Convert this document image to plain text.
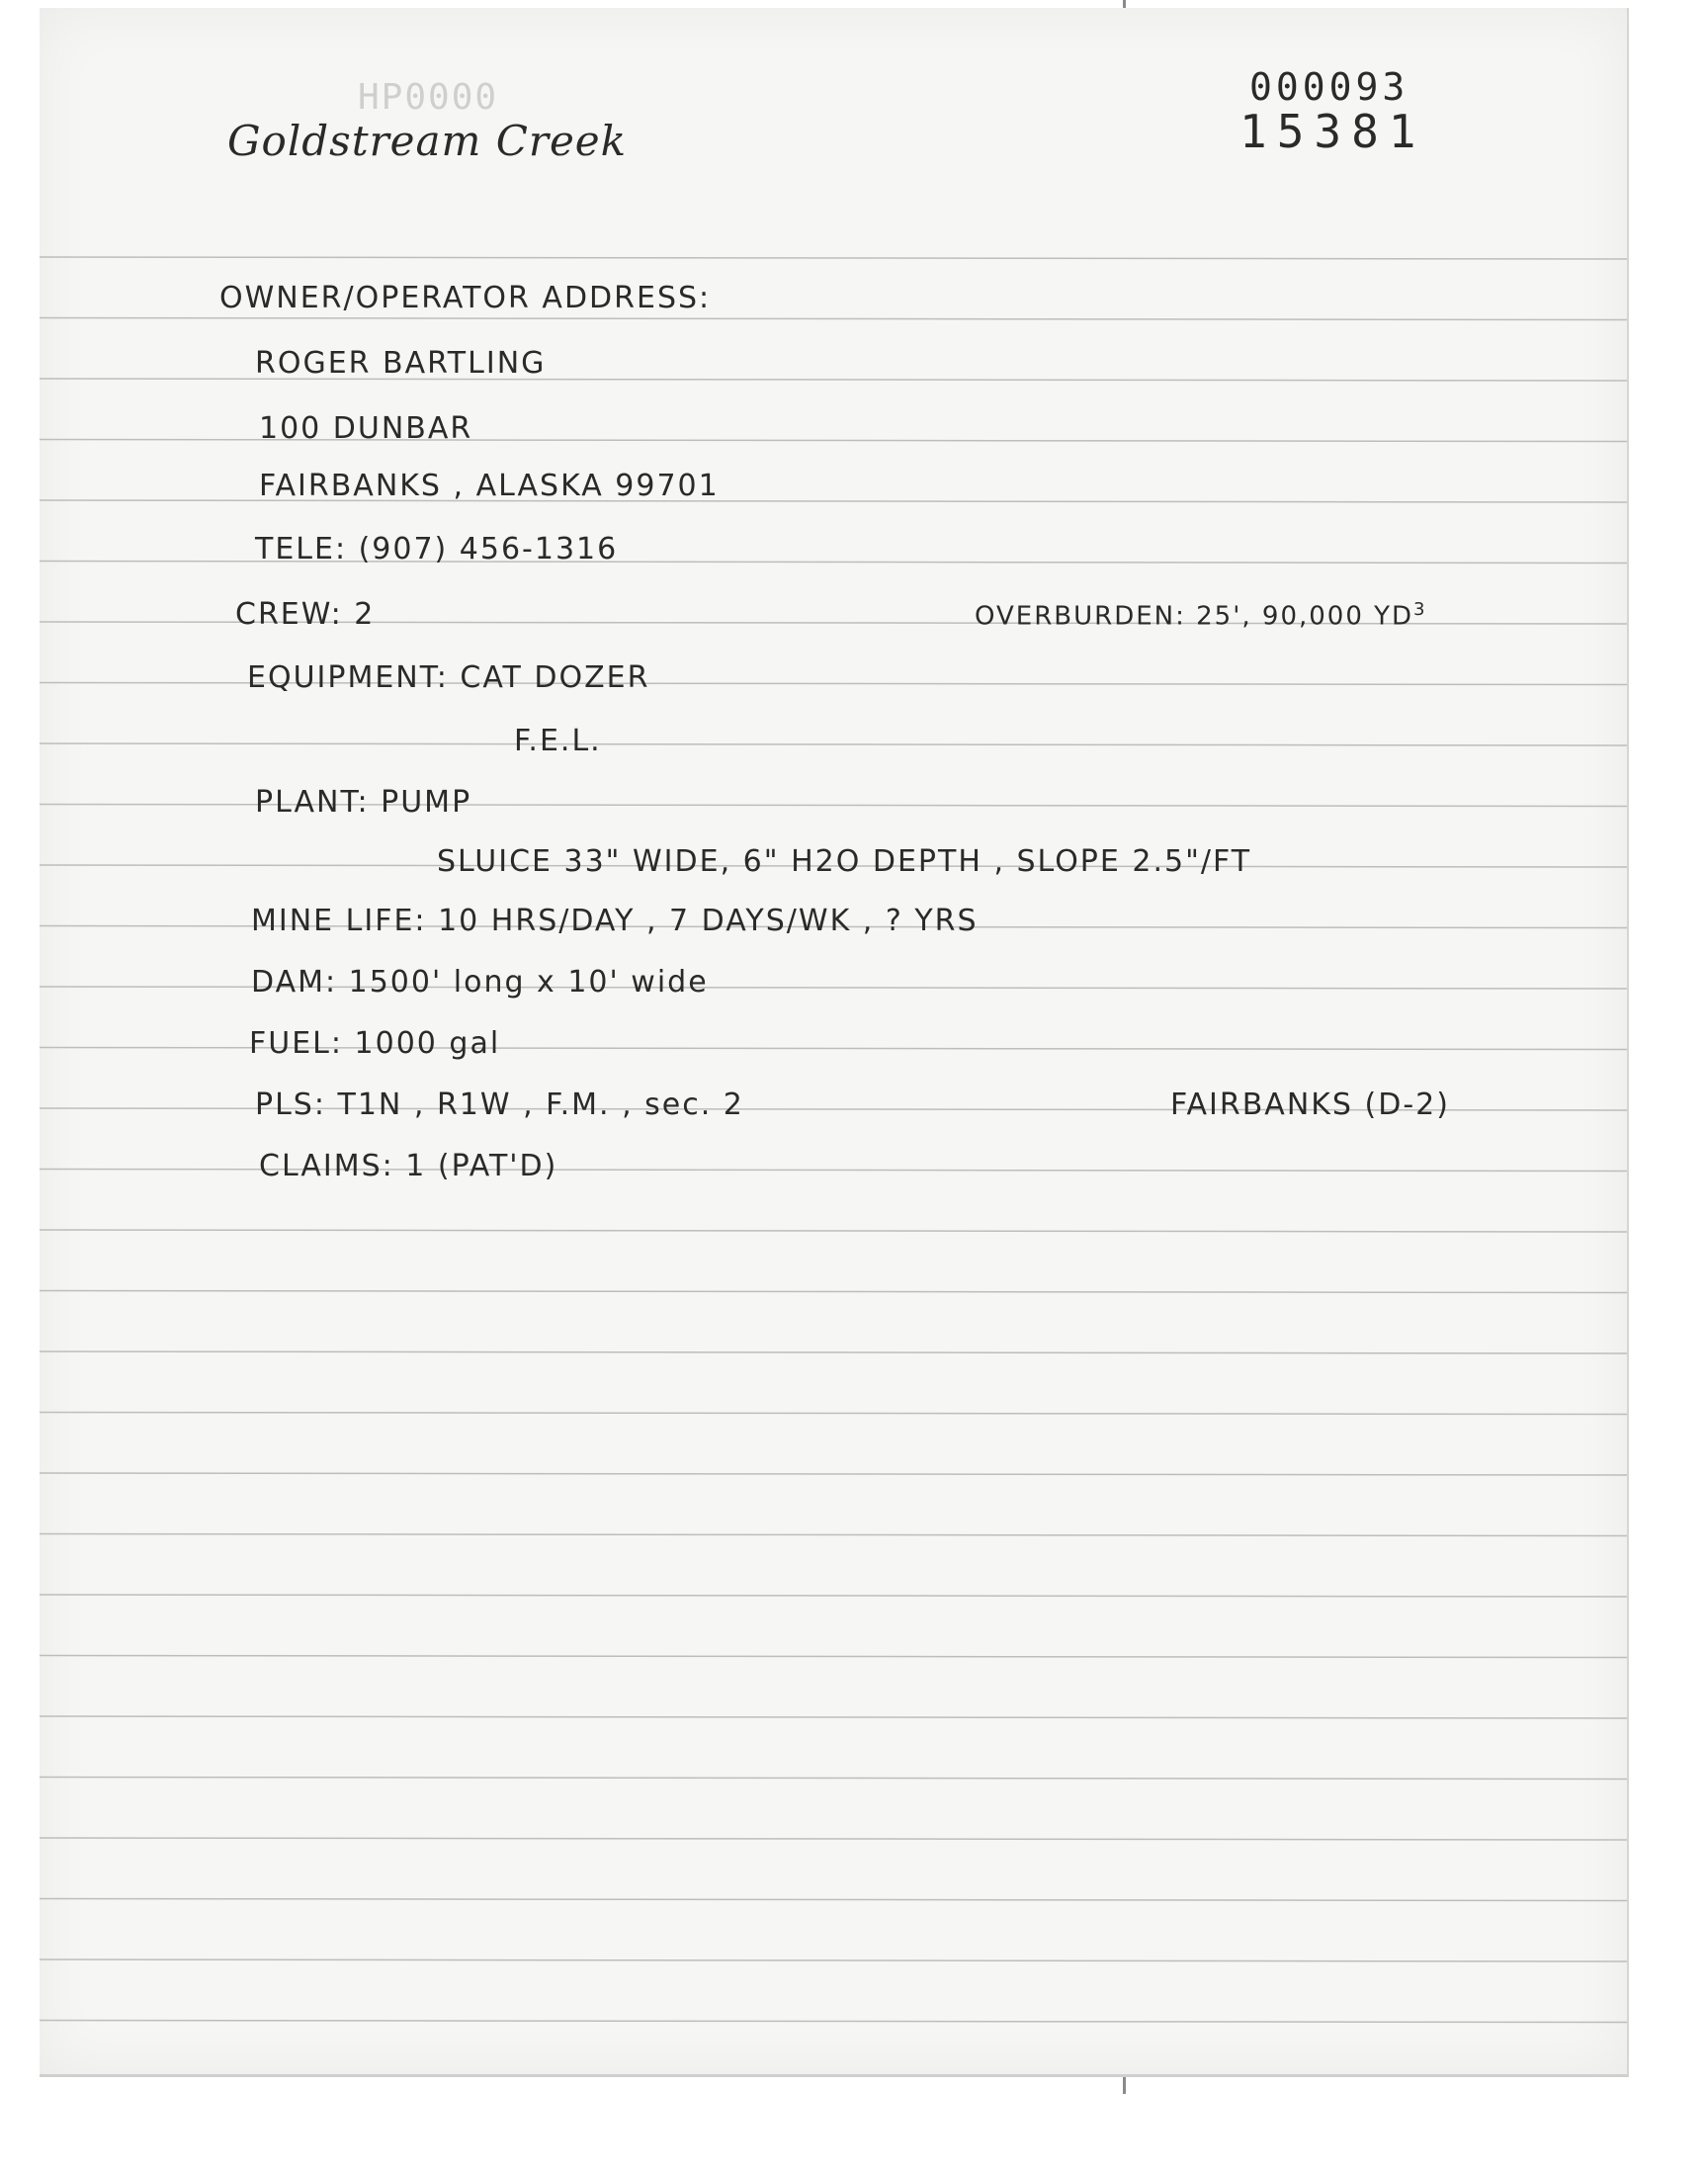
HP0000
Goldstream Creek
000093
15381
OWNER/OPERATOR ADDRESS:
ROGER BARTLING
100 DUNBAR
FAIRBANKS , ALASKA 99701
TELE: (907) 456-1316
CREW: 2	OVERBURDEN: 25', 90,000 $YD^3$
EQUIPMENT: CAT DOZER
F.E.L.
PLANT: PUMP
SLUICE 33" WIDE, 6" H2O DEPTH , SLOPE 2.5"/FT
MINE LIFE: 10 HRS/DAY , 7 DAYS/WK , ? YRS
DAM: 1500' long x 10' wide
FUEL: 1000 gal
PLS: T1N , R1W , F.M. , sec. 2	FAIRBANKS (D-2)
CLAIMS: 1 (PAT'D)
